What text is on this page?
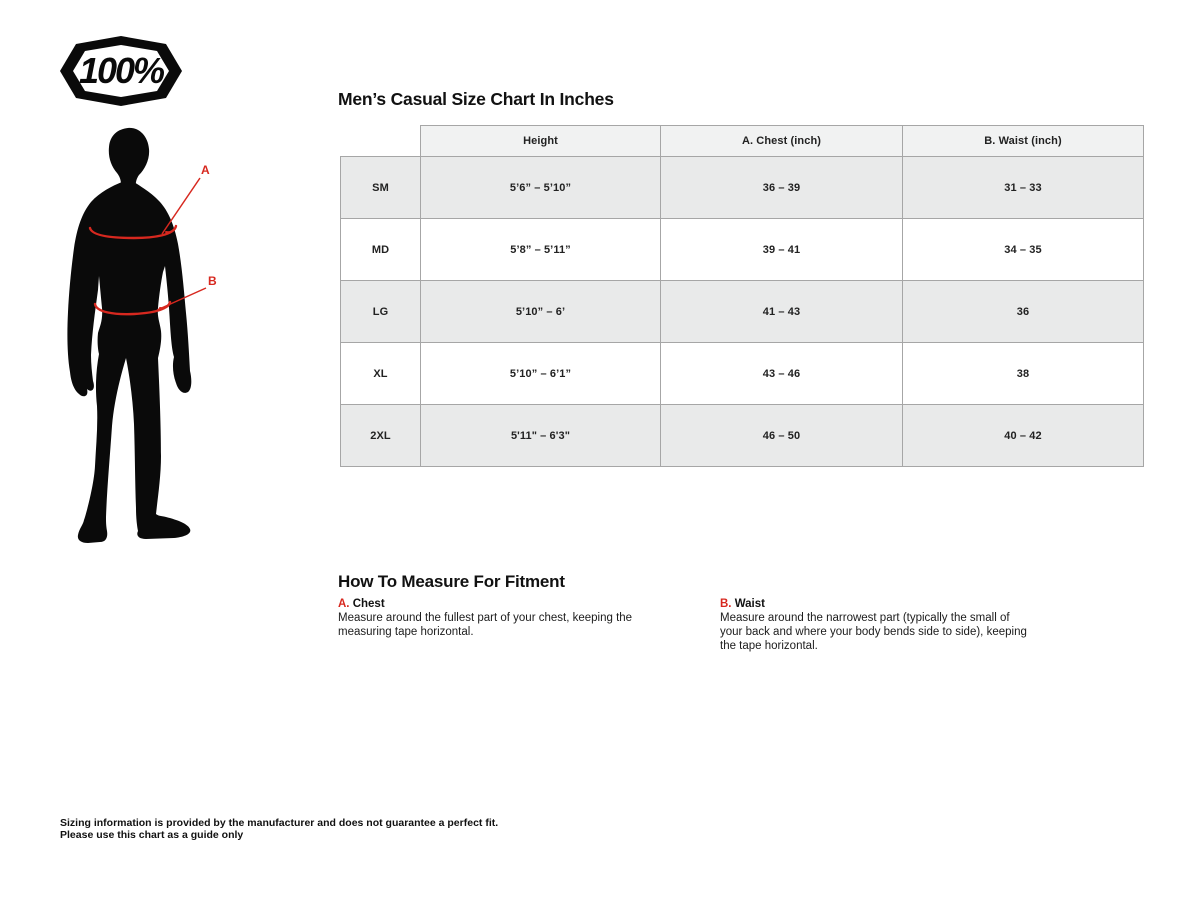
100%
A
B
Men’s Casual Size Chart In Inches
	Height	A. Chest (inch)	B. Waist (inch)
SM	5’6” – 5’10”	36 – 39	31 – 33
MD	5’8” – 5’11”	39 – 41	34 – 35
LG	5’10” – 6’	41 – 43	36
XL	5’10” – 6’1”	43 – 46	38
2XL	5'11" – 6'3"	46 – 50	40 – 42
How To Measure For Fitment
A. Chest
Measure around the fullest part of your chest, keeping the measuring tape horizontal.
B. Waist
Measure around the narrowest part (typically the small of your back and where your body bends side to side), keeping the tape horizontal.
Sizing information is provided by the manufacturer and does not guarantee a perfect fit.
Please use this chart as a guide only
